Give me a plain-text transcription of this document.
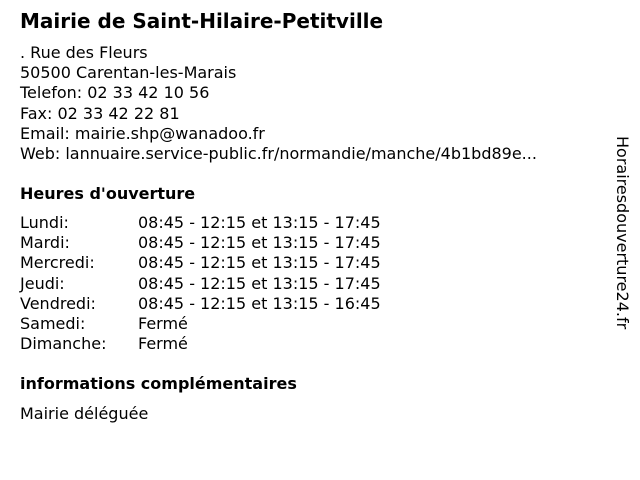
Mairie de Saint-Hilaire-Petitville
. Rue des Fleurs
50500 Carentan-les-Marais
Telefon: 02 33 42 10 56
Fax: 02 33 42 22 81
Email: mairie.shp@wanadoo.fr
Web: lannuaire.service-public.fr/normandie/manche/4b1bd89e...
Heures d'ouverture
Lundi:	08:45 - 12:15 et 13:15 - 17:45
Mardi:	08:45 - 12:15 et 13:15 - 17:45
Mercredi:	08:45 - 12:15 et 13:15 - 17:45
Jeudi:	08:45 - 12:15 et 13:15 - 17:45
Vendredi:	08:45 - 12:15 et 13:15 - 16:45
Samedi:	Fermé
Dimanche: Fermé
informations complémentaires
Mairie déléguée
Horairesdouverture24.fr
